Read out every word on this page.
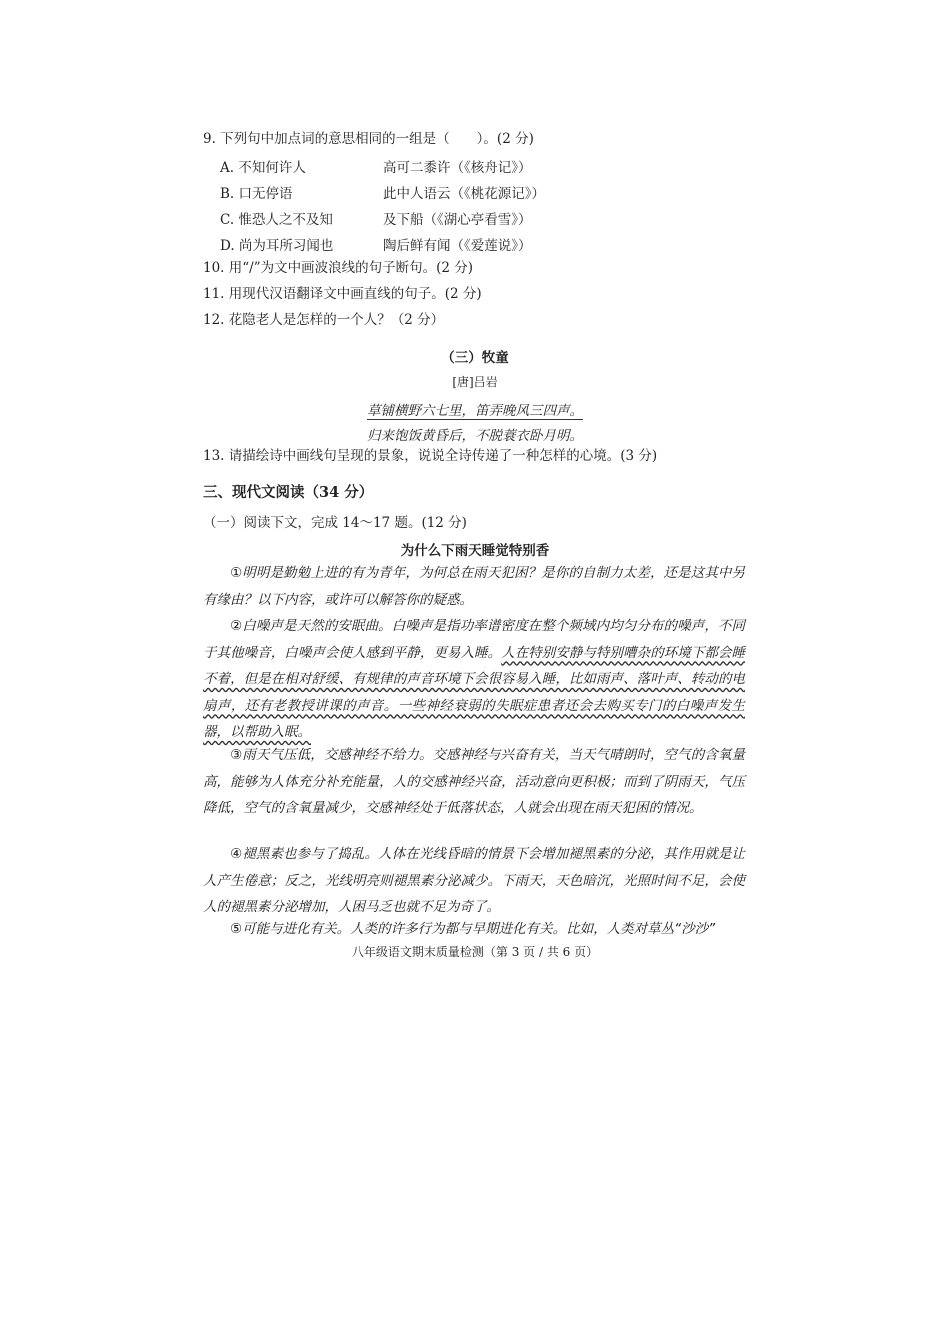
9. 下列句中加点词的意思相同的一组是（　　）。(2 分)
A. 不知何许人	高可二黍许（《核舟记》）
B. 口无停语	此中人语云（《桃花源记》）
C. 惟恐人之不及知	及下船（《湖心亭看雪》）
D. 尚为耳所习闻也	陶后鲜有闻（《爱莲说》）
10. 用“/”为文中画波浪线的句子断句。(2 分)
11. 用现代汉语翻译文中画直线的句子。(2 分)
12. 花隐老人是怎样的一个人？（2 分）
（三）牧童
[唐]吕岩
草铺横野六七里，笛弄晚风三四声。
归来饱饭黄昏后，不脱蓑衣卧月明。
13. 请描绘诗中画线句呈现的景象，说说全诗传递了一种怎样的心境。(3 分)
三、现代文阅读（34 分）
（一）阅读下文，完成 14～17 题。(12 分)
为什么下雨天睡觉特别香
①明明是勤勉上进的有为青年，为何总在雨天犯困？是你的自制力太差，还是这其中另有缘由？以下内容，或许可以解答你的疑惑。
②白噪声是天然的安眠曲。白噪声是指功率谱密度在整个频域内均匀分布的噪声，不同于其他噪音，白噪声会使人感到平静，更易入睡。人在特别安静与特别嘈杂的环境下都会睡不着，但是在相对舒缓、有规律的声音环境下会很容易入睡，比如雨声、落叶声、转动的电扇声，还有老教授讲课的声音。一些神经衰弱的失眠症患者还会去购买专门的白噪声发生器，以帮助入眠。
③雨天气压低，交感神经不给力。交感神经与兴奋有关，当天气晴朗时，空气的含氧量高，能够为人体充分补充能量，人的交感神经兴奋，活动意向更积极；而到了阴雨天，气压降低，空气的含氧量减少，交感神经处于低落状态，人就会出现在雨天犯困的情况。
④褪黑素也参与了捣乱。人体在光线昏暗的情景下会增加褪黑素的分泌，其作用就是让人产生倦意；反之，光线明亮则褪黑素分泌减少。下雨天，天色暗沉，光照时间不足，会使人的褪黑素分泌增加，人困马乏也就不足为奇了。
⑤可能与进化有关。人类的许多行为都与早期进化有关。比如，人类对草丛“沙沙”
八年级语文期末质量检测（第 3 页 / 共 6 页）
